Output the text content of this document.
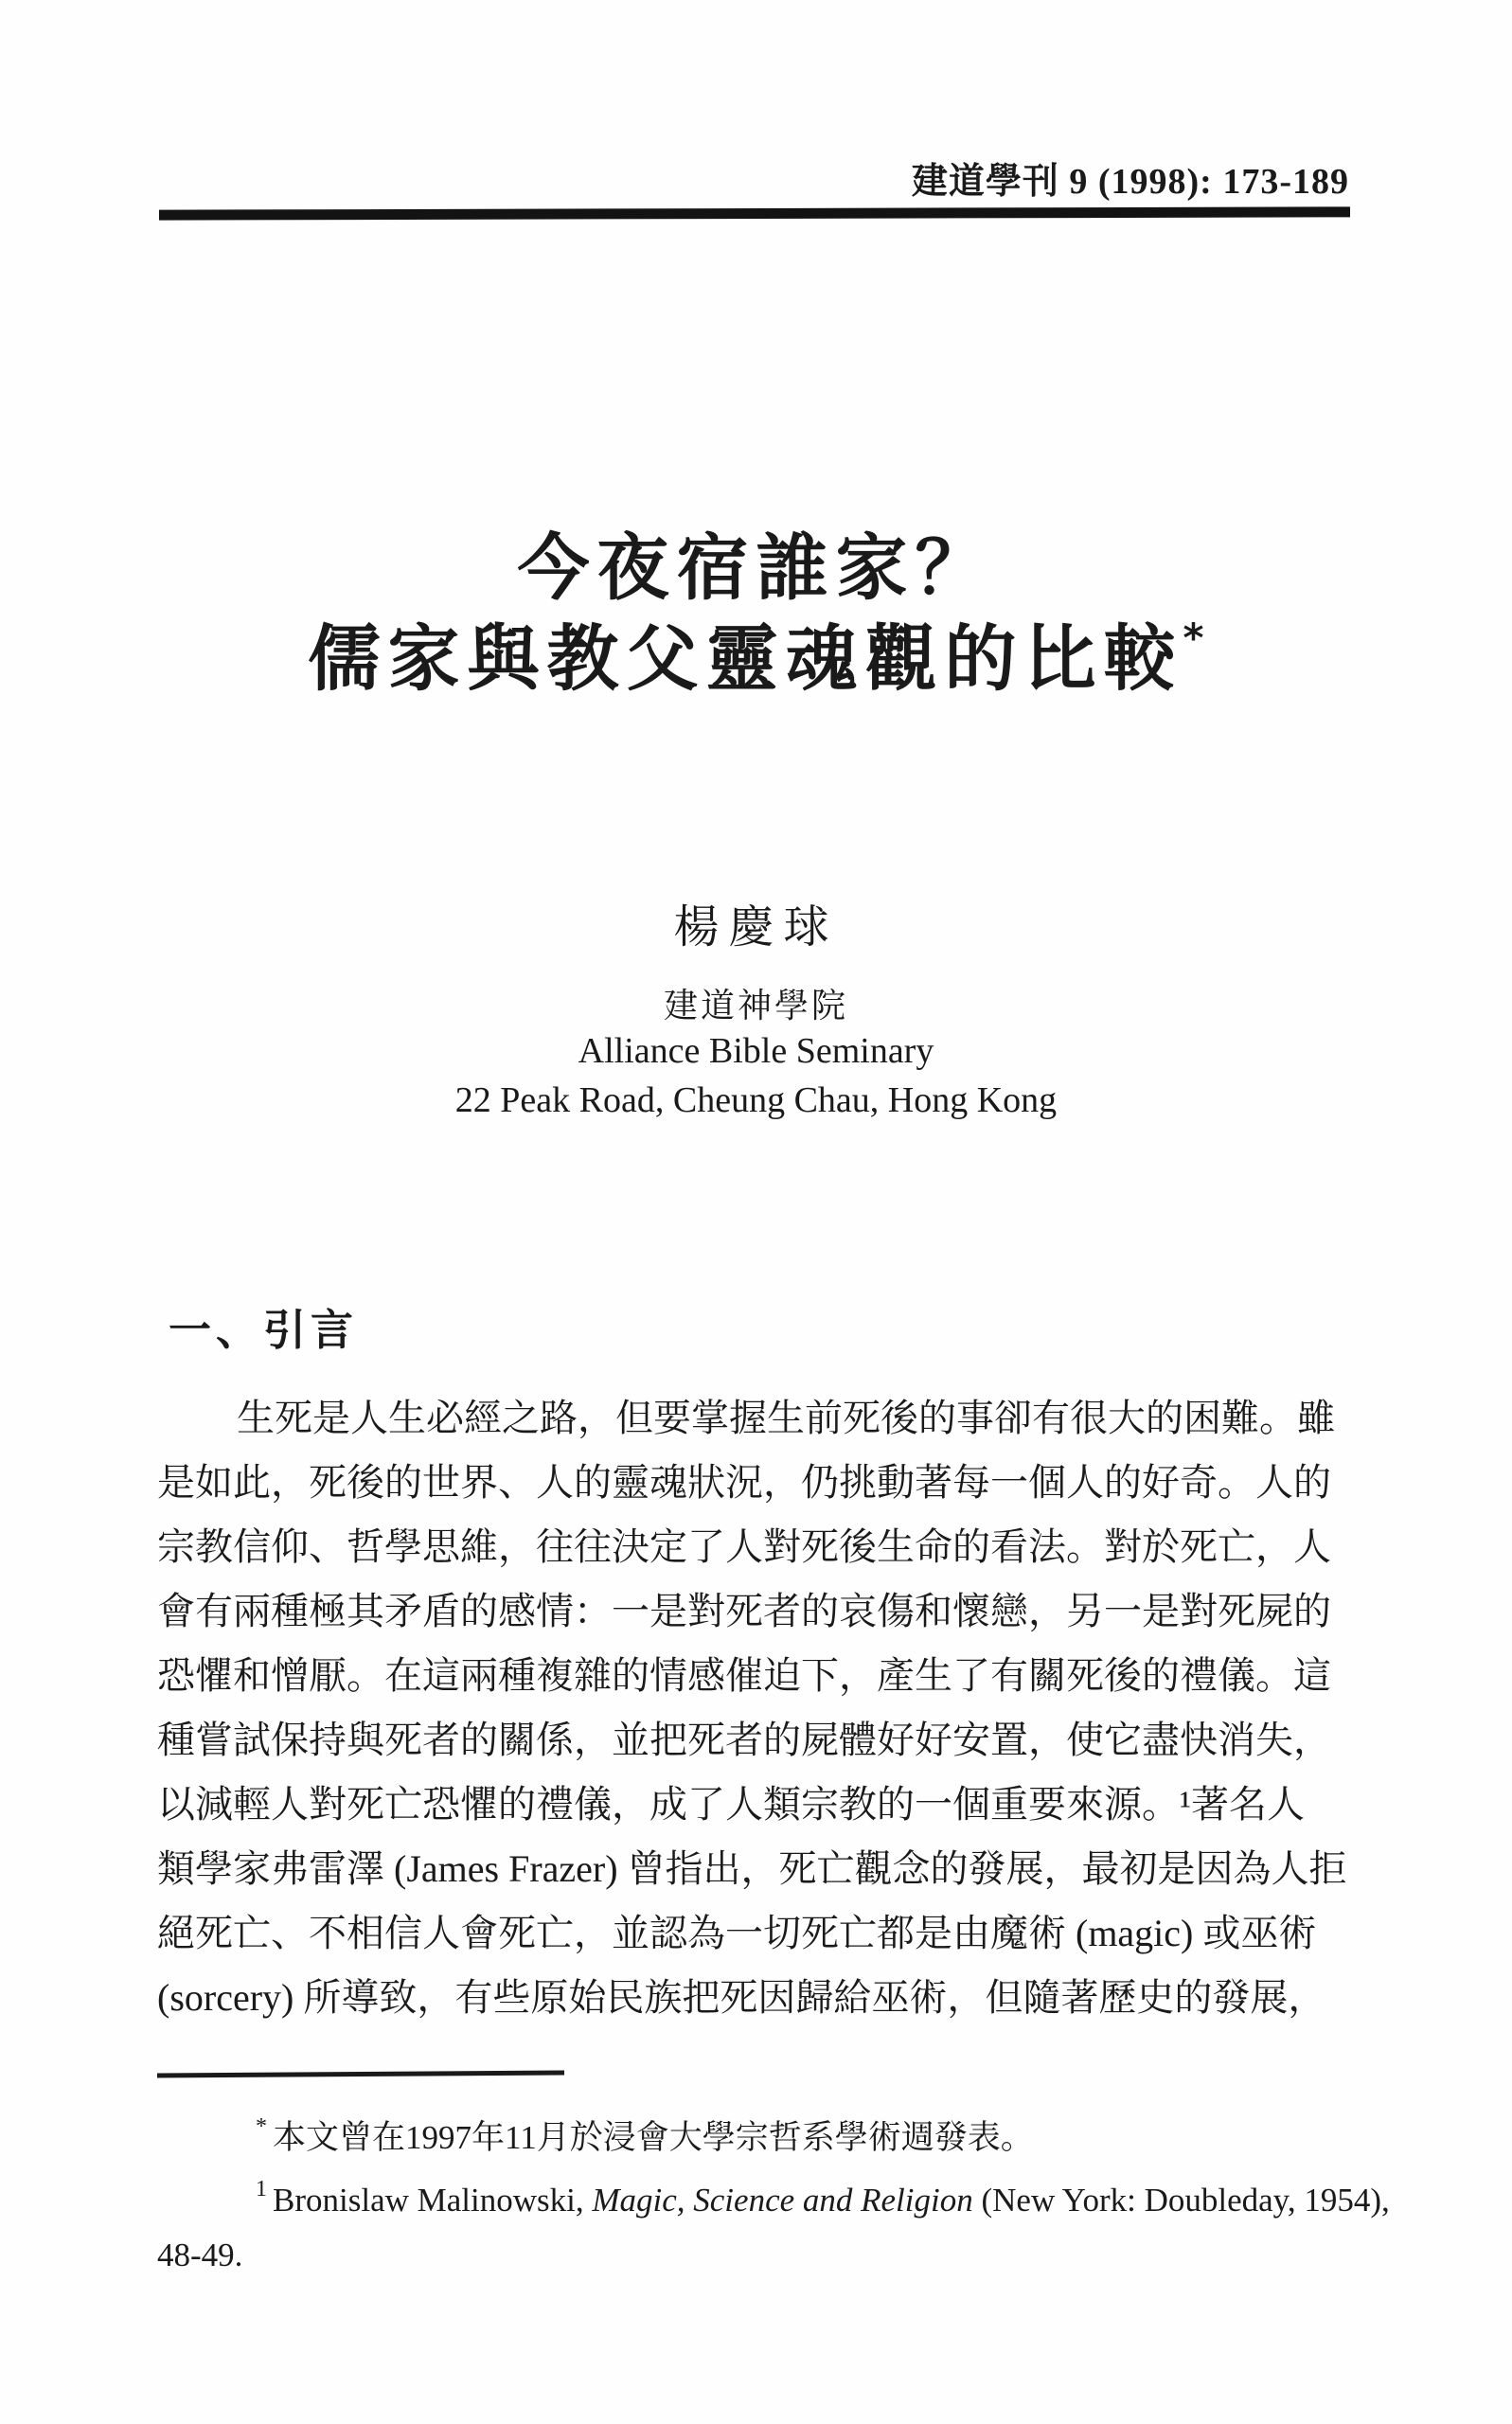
建道學刊 9 (1998): 173-189
今夜宿誰家？
儒家與教父靈魂觀的比較*
楊慶球
建道神學院
Alliance Bible Seminary
22 Peak Road, Cheung Chau, Hong Kong
一、引言
生死是人生必經之路，但要掌握生前死後的事卻有很大的困難。雖
是如此，死後的世界、人的靈魂狀況，仍挑動著每一個人的好奇。人的
宗教信仰、哲學思維，往往決定了人對死後生命的看法。對於死亡，人
會有兩種極其矛盾的感情：一是對死者的哀傷和懷戀，另一是對死屍的
恐懼和憎厭。在這兩種複雜的情感催迫下，產生了有關死後的禮儀。這
種嘗試保持與死者的關係，並把死者的屍體好好安置，使它盡快消失，
以減輕人對死亡恐懼的禮儀，成了人類宗教的一個重要來源。¹著名人
類學家弗雷澤 (James Frazer) 曾指出，死亡觀念的發展，最初是因為人拒
絕死亡、不相信人會死亡，並認為一切死亡都是由魔術 (magic) 或巫術
(sorcery) 所導致，有些原始民族把死因歸給巫術，但隨著歷史的發展，
* 本文曾在1997年11月於浸會大學宗哲系學術週發表。
$^1$ Bronislaw Malinowski, Magic, Science and Religion (New York: Doubleday, 1954),
48-49.
